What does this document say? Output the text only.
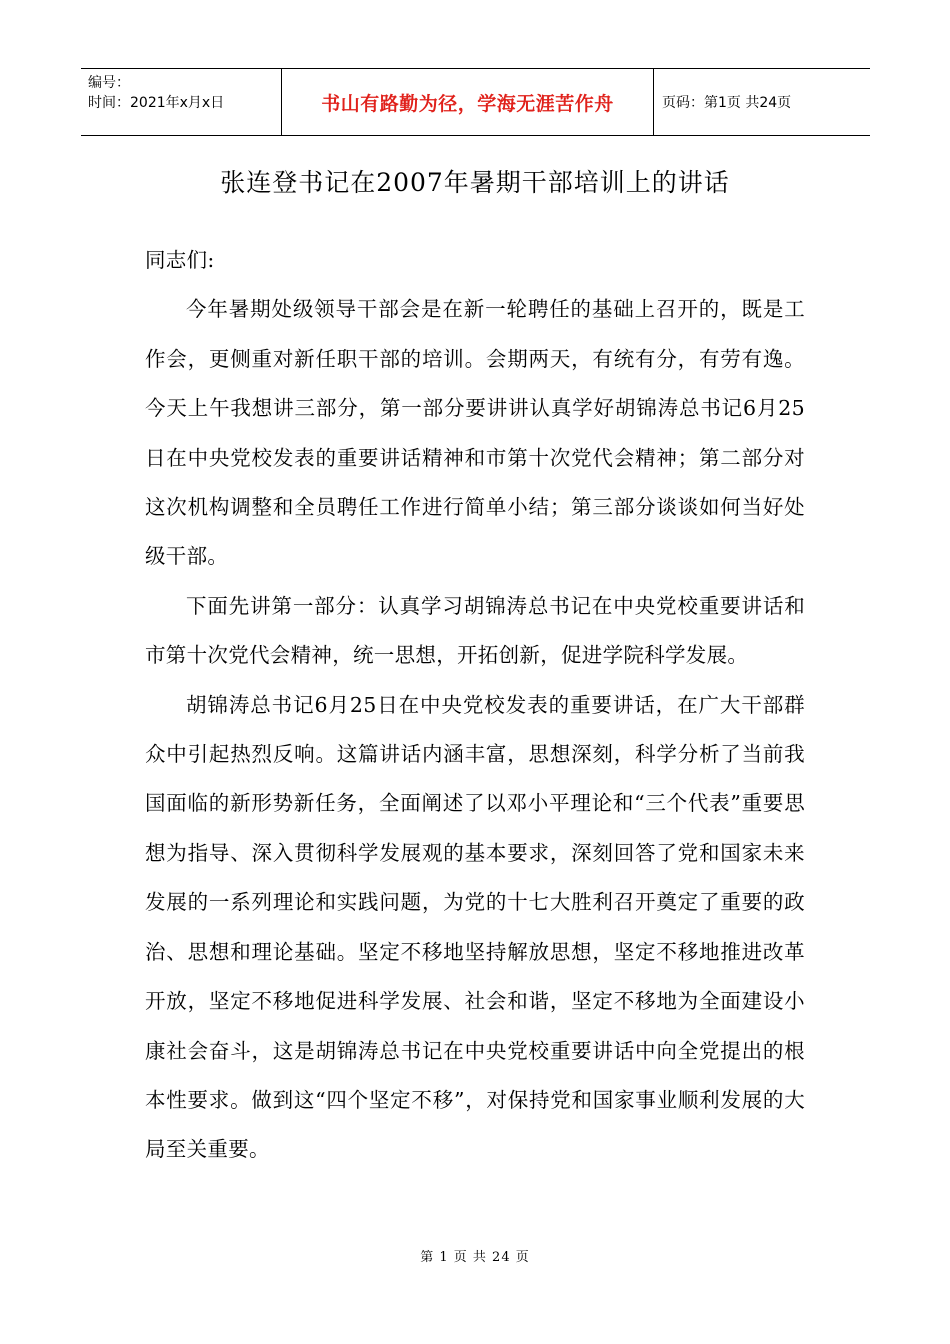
编号：
时间：2021年x月x日	书山有路勤为径，学海无涯苦作舟	页码：第1页 共24页
张连登书记在2007年暑期干部培训上的讲话

同志们:

今年暑期处级领导干部会是在新一轮聘任的基础上召开的，既是工作会，更侧重对新任职干部的培训。会期两天，有统有分，有劳有逸。今天上午我想讲三部分，第一部分要讲讲认真学好胡锦涛总书记6月25日在中央党校发表的重要讲话精神和市第十次党代会精神；第二部分对这次机构调整和全员聘任工作进行简单小结；第三部分谈谈如何当好处级干部。

下面先讲第一部分：认真学习胡锦涛总书记在中央党校重要讲话和市第十次党代会精神，统一思想，开拓创新，促进学院科学发展。

胡锦涛总书记6月25日在中央党校发表的重要讲话，在广大干部群众中引起热烈反响。这篇讲话内涵丰富，思想深刻，科学分析了当前我国面临的新形势新任务，全面阐述了以邓小平理论和“三个代表”重要思想为指导、深入贯彻科学发展观的基本要求，深刻回答了党和国家未来发展的一系列理论和实践问题，为党的十七大胜利召开奠定了重要的政治、思想和理论基础。坚定不移地坚持解放思想，坚定不移地推进改革开放，坚定不移地促进科学发展、社会和谐，坚定不移地为全面建设小康社会奋斗，这是胡锦涛总书记在中央党校重要讲话中向全党提出的根本性要求。做到这“四个坚定不移”，对保持党和国家事业顺利发展的大局至关重要。

第 1 页 共 24 页
